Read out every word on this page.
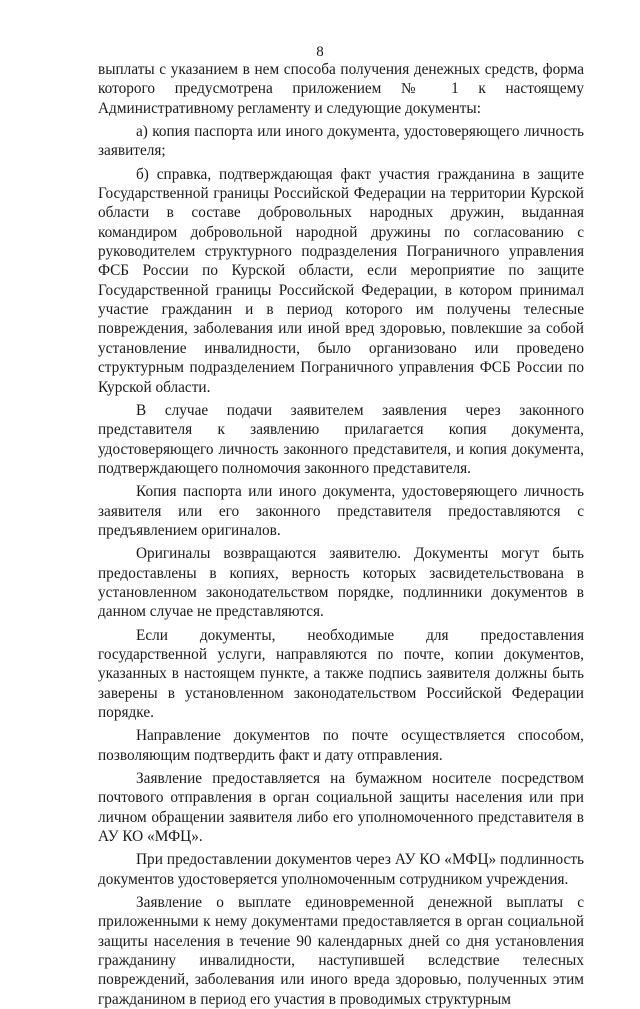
8

выплаты с указанием в нем способа получения денежных средств, форма которого предусмотрена приложением № 1 к настоящему Административному регламенту и следующие документы:

а) копия паспорта или иного документа, удостоверяющего личность заявителя;

б) справка, подтверждающая факт участия гражданина в защите Государственной границы Российской Федерации на территории Курской области в составе добровольных народных дружин, выданная командиром добровольной народной дружины по согласованию с руководителем структурного подразделения Пограничного управления ФСБ России по Курской области, если мероприятие по защите Государственной границы Российской Федерации, в котором принимал участие гражданин и в период которого им получены телесные повреждения, заболевания или иной вред здоровью, повлекшие за собой установление инвалидности, было организовано или проведено структурным подразделением Пограничного управления ФСБ России по Курской области.

В случае подачи заявителем заявления через законного представителя к заявлению прилагается копия документа, удостоверяющего личность законного представителя, и копия документа, подтверждающего полномочия законного представителя.

Копия паспорта или иного документа, удостоверяющего личность заявителя или его законного представителя предоставляются с предъявлением оригиналов.

Оригиналы возвращаются заявителю. Документы могут быть предоставлены в копиях, верность которых засвидетельствована в установленном законодательством порядке, подлинники документов в данном случае не представляются.

Если документы, необходимые для предоставления государственной услуги, направляются по почте, копии документов, указанных в настоящем пункте, а также подпись заявителя должны быть заверены в установленном законодательством Российской Федерации порядке.

Направление документов по почте осуществляется способом, позволяющим подтвердить факт и дату отправления.

Заявление предоставляется на бумажном носителе посредством почтового отправления в орган социальной защиты населения или при личном обращении заявителя либо его уполномоченного представителя в АУ КО «МФЦ».

При предоставлении документов через АУ КО «МФЦ» подлинность документов удостоверяется уполномоченным сотрудником учреждения.

Заявление о выплате единовременной денежной выплаты с приложенными к нему документами предоставляется в орган социальной защиты населения в течение 90 календарных дней со дня установления гражданину инвалидности, наступившей вследствие телесных повреждений, заболевания или иного вреда здоровью, полученных этим гражданином в период его участия в проводимых структурным
